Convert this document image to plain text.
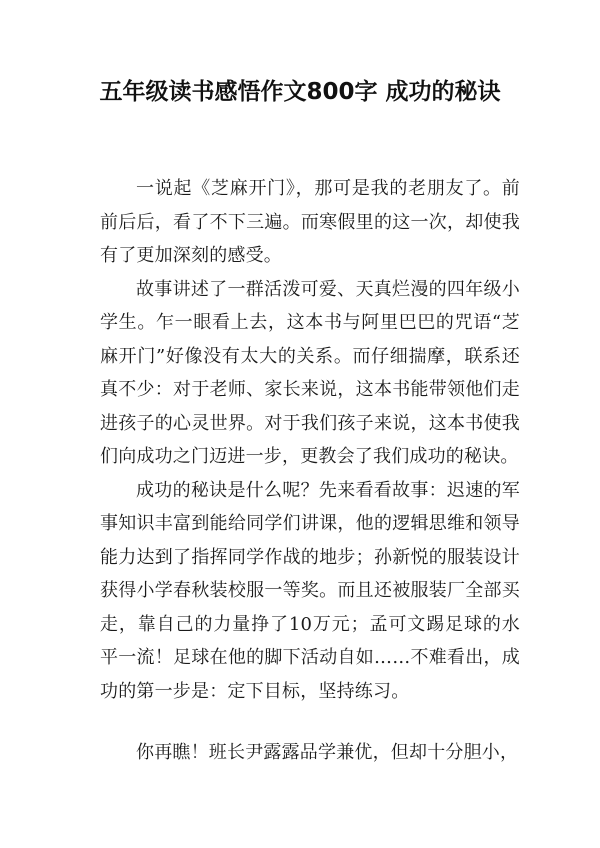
五年级读书感悟作文800字 成功的秘诀

一说起《芝麻开门》，那可是我的老朋友了。前前后后，看了不下三遍。而寒假里的这一次，却使我有了更加深刻的感受。

故事讲述了一群活泼可爱、天真烂漫的四年级小学生。乍一眼看上去，这本书与阿里巴巴的咒语“芝麻开门”好像没有太大的关系。而仔细揣摩，联系还真不少：对于老师、家长来说，这本书能带领他们走进孩子的心灵世界。对于我们孩子来说，这本书使我们向成功之门迈进一步，更教会了我们成功的秘诀。

成功的秘诀是什么呢？先来看看故事：迟速的军事知识丰富到能给同学们讲课，他的逻辑思维和领导能力达到了指挥同学作战的地步；孙新悦的服装设计获得小学春秋装校服一等奖。而且还被服装厂全部买走，靠自己的力量挣了10万元；孟可文踢足球的水平一流！足球在他的脚下活动自如……不难看出，成功的第一步是：定下目标，坚持练习。

你再瞧！班长尹露露品学兼优，但却十分胆小，
